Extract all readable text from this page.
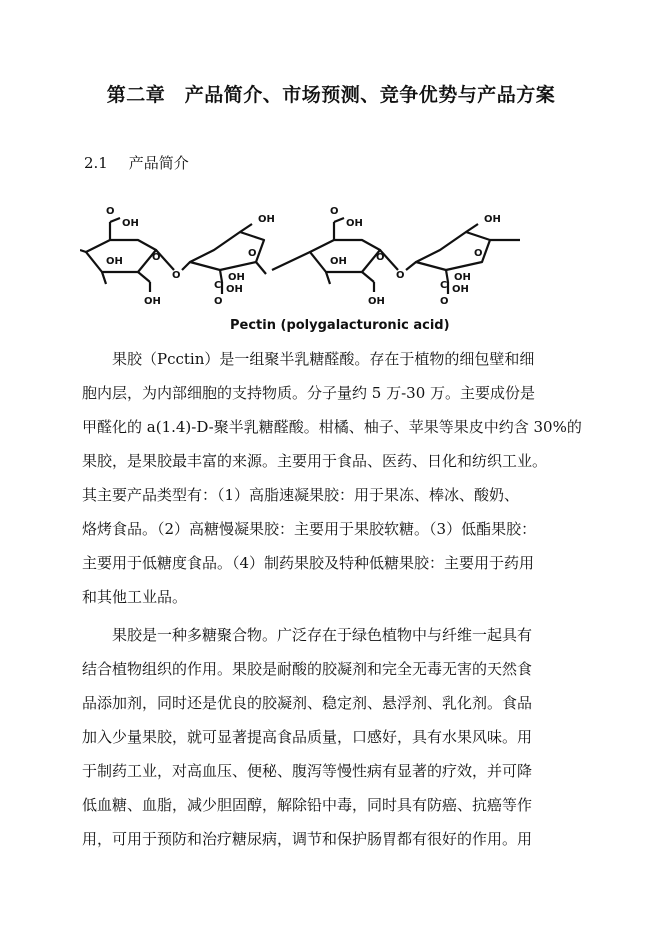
第二章　产品简介、市场预测、竞争优势与产品方案
2.1 产品简介
O
OH
O
OH
OH
O
OH
O
OH
C OH
O
O
OH
O
OH
OH
O
OH
O
OH
C OH
O
Pectin (polygalacturonic acid)
　　果胶（Pcctin）是一组聚半乳糖醛酸。存在于植物的细包壁和细
胞内层，为内部细胞的支持物质。分子量约 5 万-30 万。主要成份是
甲醛化的 a(1.4)-D-聚半乳糖醛酸。柑橘、柚子、苹果等果皮中约含 30%的
果胶，是果胶最丰富的来源。主要用于食品、医药、日化和纺织工业。
其主要产品类型有：（1）高脂速凝果胶：用于果冻、棒冰、酸奶、
烙烤食品。（2）高糖慢凝果胶：主要用于果胶软糖。（3）低酯果胶：
主要用于低糖度食品。（4）制药果胶及特种低糖果胶：主要用于药用
和其他工业品。
　　果胶是一种多糖聚合物。广泛存在于绿色植物中与纤维一起具有
结合植物组织的作用。果胶是耐酸的胶凝剂和完全无毒无害的天然食
品添加剂，同时还是优良的胶凝剂、稳定剂、悬浮剂、乳化剂。食品
加入少量果胶，就可显著提高食品质量，口感好，具有水果风味。用
于制药工业，对高血压、便秘、腹泻等慢性病有显著的疗效，并可降
低血糖、血脂，减少胆固醇，解除铅中毒，同时具有防癌、抗癌等作
用，可用于预防和治疗糖尿病，调节和保护肠胃都有很好的作用。用
